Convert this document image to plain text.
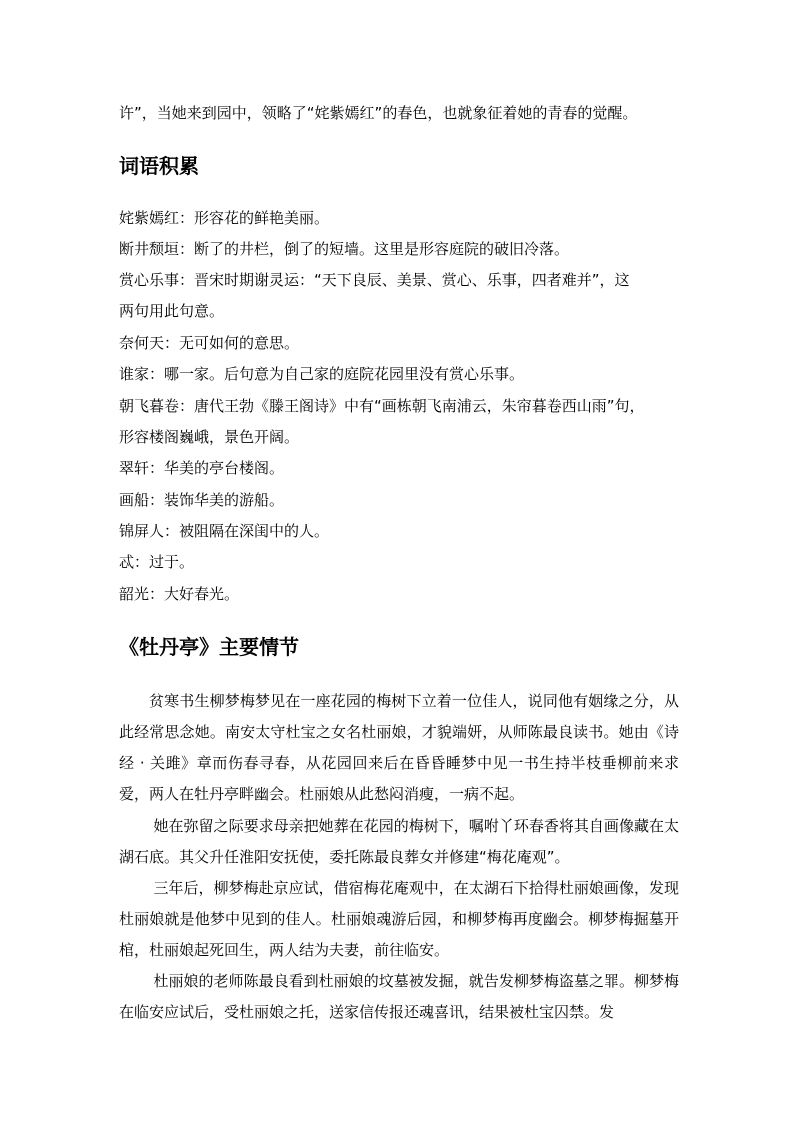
许”，当她来到园中，领略了“姹紫嫣红”的春色，也就象征着她的青春的觉醒。
词语积累
姹紫嫣红：形容花的鲜艳美丽。
断井颓垣：断了的井栏，倒了的短墙。这里是形容庭院的破旧冷落。
赏心乐事：晋宋时期谢灵运：“天下良辰、美景、赏心、乐事，四者难并”，这
两句用此句意。
奈何天：无可如何的意思。
谁家：哪一家。后句意为自己家的庭院花园里没有赏心乐事。
朝飞暮卷：唐代王勃《滕王阁诗》中有“画栋朝飞南浦云，朱帘暮卷西山雨”句，
形容楼阁巍峨，景色开阔。
翠轩：华美的亭台楼阁。
画船：装饰华美的游船。
锦屏人：被阻隔在深闺中的人。
忒：过于。
韶光：大好春光。
《牡丹亭》主要情节
贫寒书生柳梦梅梦见在一座花园的梅树下立着一位佳人，说同他有姻缘之分，从此经常思念她。南安太守杜宝之女名杜丽娘，才貌端妍，从师陈最良读书。她由《诗经 · 关雎》章而伤春寻春，从花园回来后在昏昏睡梦中见一书生持半枝垂柳前来求爱，两人在牡丹亭畔幽会。杜丽娘从此愁闷消瘦，一病不起。
她在弥留之际要求母亲把她葬在花园的梅树下，嘱咐丫环春香将其自画像藏在太湖石底。其父升任淮阳安抚使，委托陈最良葬女并修建“梅花庵观”。
三年后，柳梦梅赴京应试，借宿梅花庵观中，在太湖石下拾得杜丽娘画像，发现杜丽娘就是他梦中见到的佳人。杜丽娘魂游后园，和柳梦梅再度幽会。柳梦梅掘墓开棺，杜丽娘起死回生，两人结为夫妻，前往临安。
杜丽娘的老师陈最良看到杜丽娘的坟墓被发掘，就告发柳梦梅盗墓之罪。柳梦梅在临安应试后，受杜丽娘之托，送家信传报还魂喜讯，结果被杜宝囚禁。发
